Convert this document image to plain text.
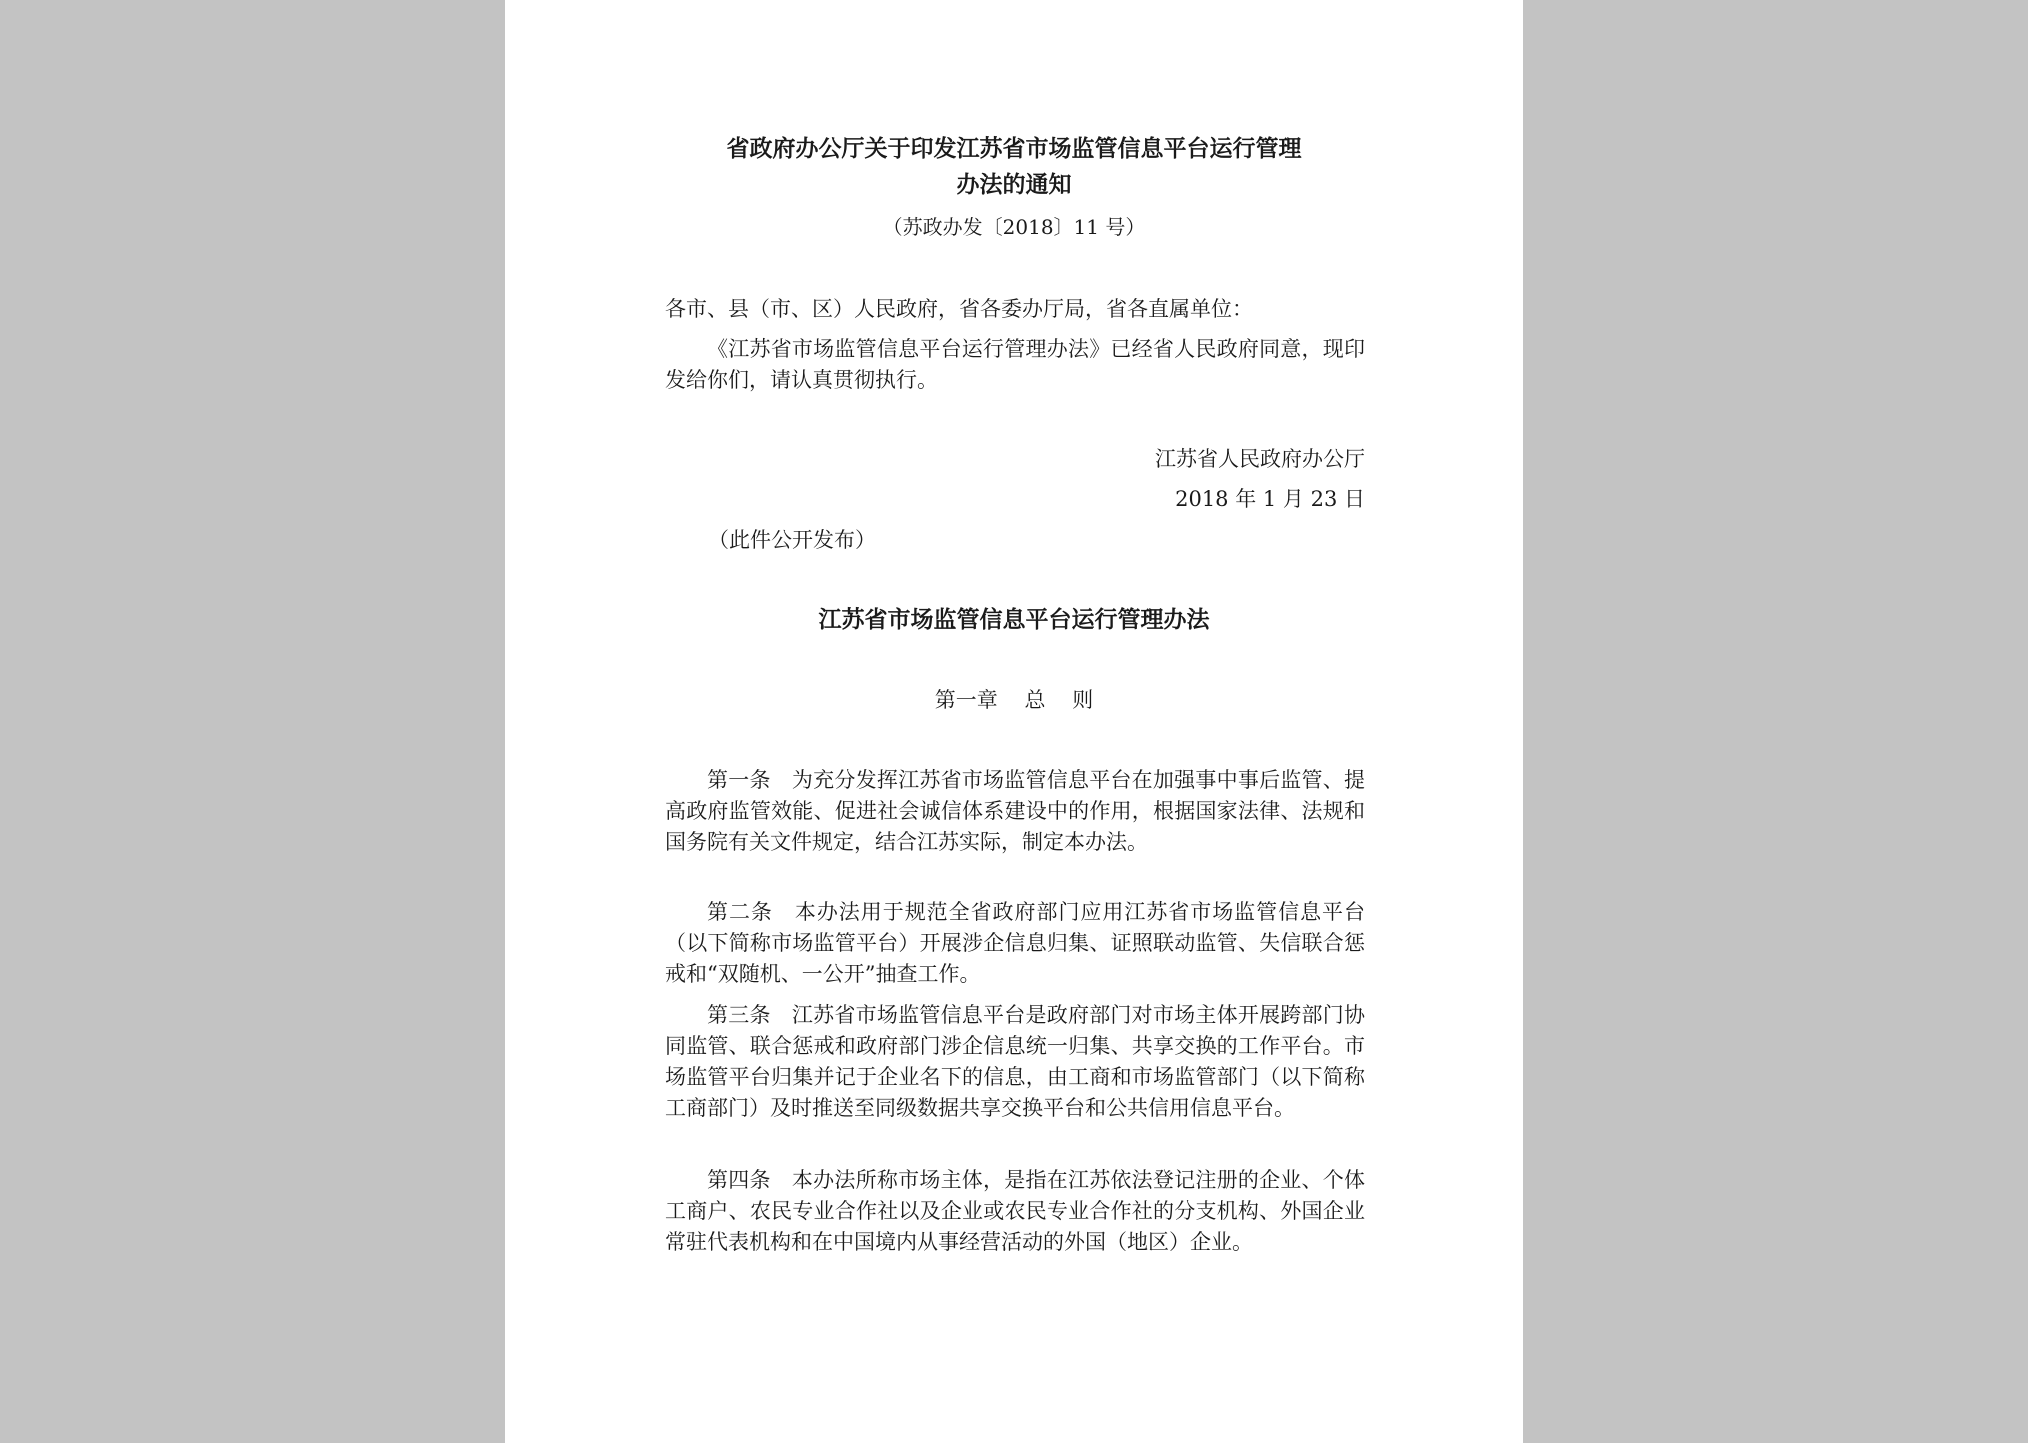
省政府办公厅关于印发江苏省市场监管信息平台运行管理
办法的通知
（苏政办发〔2018〕11 号）
各市、县（市、区）人民政府，省各委办厅局，省各直属单位：
《江苏省市场监管信息平台运行管理办法》已经省人民政府同意，现印发给你们，请认真贯彻执行。
江苏省人民政府办公厅
2018 年 1 月 23 日
（此件公开发布）
江苏省市场监管信息平台运行管理办法
第一章    总    则
第一条  为充分发挥江苏省市场监管信息平台在加强事中事后监管、提高政府监管效能、促进社会诚信体系建设中的作用，根据国家法律、法规和国务院有关文件规定，结合江苏实际，制定本办法。
第二条  本办法用于规范全省政府部门应用江苏省市场监管信息平台（以下简称市场监管平台）开展涉企信息归集、证照联动监管、失信联合惩戒和“双随机、一公开”抽查工作。
第三条  江苏省市场监管信息平台是政府部门对市场主体开展跨部门协同监管、联合惩戒和政府部门涉企信息统一归集、共享交换的工作平台。市场监管平台归集并记于企业名下的信息，由工商和市场监管部门（以下简称工商部门）及时推送至同级数据共享交换平台和公共信用信息平台。
第四条  本办法所称市场主体，是指在江苏依法登记注册的企业、个体工商户、农民专业合作社以及企业或农民专业合作社的分支机构、外国企业常驻代表机构和在中国境内从事经营活动的外国（地区）企业。
